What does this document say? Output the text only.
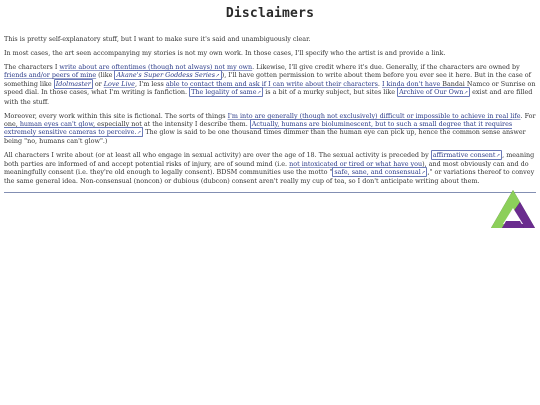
Disclaimers

This is pretty self-explanatory stuff, but I want to make sure it's said and unambiguously clear.

In most cases, the art seen accompanying my stories is not my own work. In those cases, I'll specify who the artist is and provide a link.

The characters I write about are oftentimes (though not always) not my own. Likewise, I'll give credit where it's due. Generally, if the characters are owned by friends and/or peers of mine (like Akane's Super Goddess Series↗ ), I'll have gotten permission to write about them before you ever see it here. But in the case of something like Idolmaster or Love Live, I'm less able to contact them and ask if I can write about their characters. I kinda don't have Bandai Namco or Sunrise on speed dial. In those cases, what I'm writing is fanfiction. The legality of same↗ is a bit of a murky subject, but sites like Archive of Our Own↗ exist and are filled with the stuff.

Moreover, every work within this site is fictional. The sorts of things I'm into are generally (though not exclusively) difficult or impossible to achieve in real life. For one, human eyes can't glow, especially not at the intensity I describe them. Actually, humans are bioluminescent, but to such a small degree that it requires extremely sensitive cameras to perceive.↗ The glow is said to be one thousand times dimmer than the human eye can pick up, hence the common sense answer being "no, humans can't glow".)

All characters I write about (or at least all who engage in sexual activity) are over the age of 18. The sexual activity is preceded by affirmative consent↗ , meaning both parties are informed of and accept potential risks of injury, are of sound mind (i.e. not intoxicated or tired or what have you), and most obviously can and do meaningfully consent (i.e. they're old enough to legally consent). BDSM communities use the motto " safe, sane, and consensual↗ ," or variations thereof to convey the same general idea. Non-consensual (noncon) or dubious (dubcon) consent aren't really my cup of tea, so I don't anticipate writing about them.
